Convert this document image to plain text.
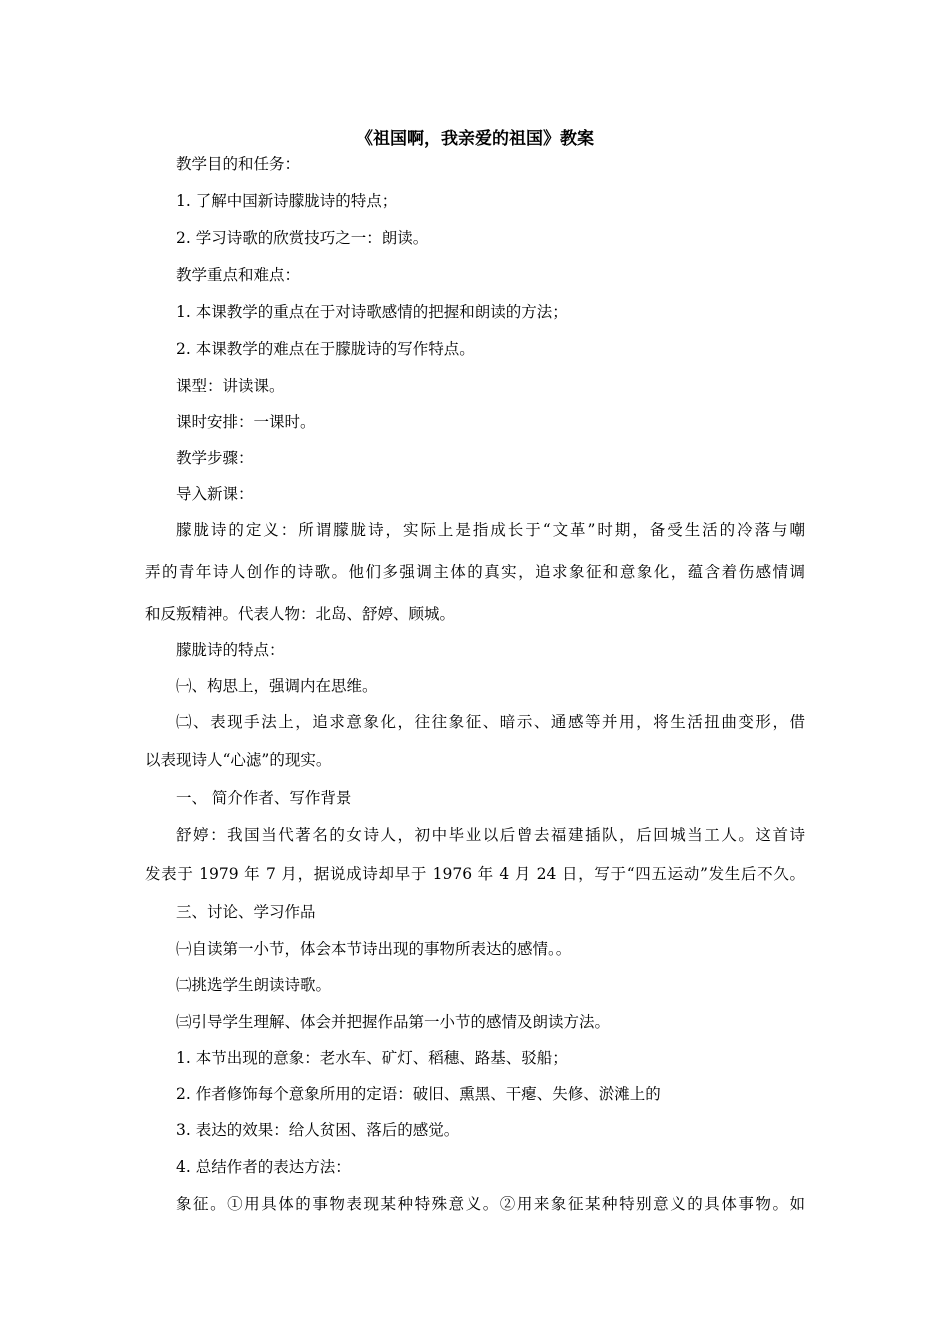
《祖国啊，我亲爱的祖国》教案
教学目的和任务：
1. 了解中国新诗朦胧诗的特点；
2. 学习诗歌的欣赏技巧之一：朗读。
教学重点和难点：
1. 本课教学的重点在于对诗歌感情的把握和朗读的方法；
2. 本课教学的难点在于朦胧诗的写作特点。
课型：讲读课。
课时安排：一课时。
教学步骤：
导入新课：
朦胧诗的定义：所谓朦胧诗，实际上是指成长于“文革”时期，备受生活的冷落与嘲
弄的青年诗人创作的诗歌。他们多强调主体的真实，追求象征和意象化，蕴含着伤感情调
和反叛精神。代表人物：北岛、舒婷、顾城。
朦胧诗的特点：
㈠、构思上，强调内在思维。
㈡、表现手法上，追求意象化，往往象征、暗示、通感等并用，将生活扭曲变形，借
以表现诗人“心滤”的现实。
一、 简介作者、写作背景
舒婷：我国当代著名的女诗人，初中毕业以后曾去福建插队，后回城当工人。这首诗
发表于 1979 年 7 月，据说成诗却早于 1976 年 4 月 24 日，写于“四五运动”发生后不久。
三、讨论、学习作品
㈠自读第一小节，体会本节诗出现的事物所表达的感情。。
㈡挑选学生朗读诗歌。
㈢引导学生理解、体会并把握作品第一小节的感情及朗读方法。
1. 本节出现的意象：老水车、矿灯、稻穗、路基、驳船；
2. 作者修饰每个意象所用的定语：破旧、熏黑、干瘪、失修、淤滩上的
3. 表达的效果：给人贫困、落后的感觉。
4. 总结作者的表达方法：
象征。①用具体的事物表现某种特殊意义。②用来象征某种特别意义的具体事物。如
